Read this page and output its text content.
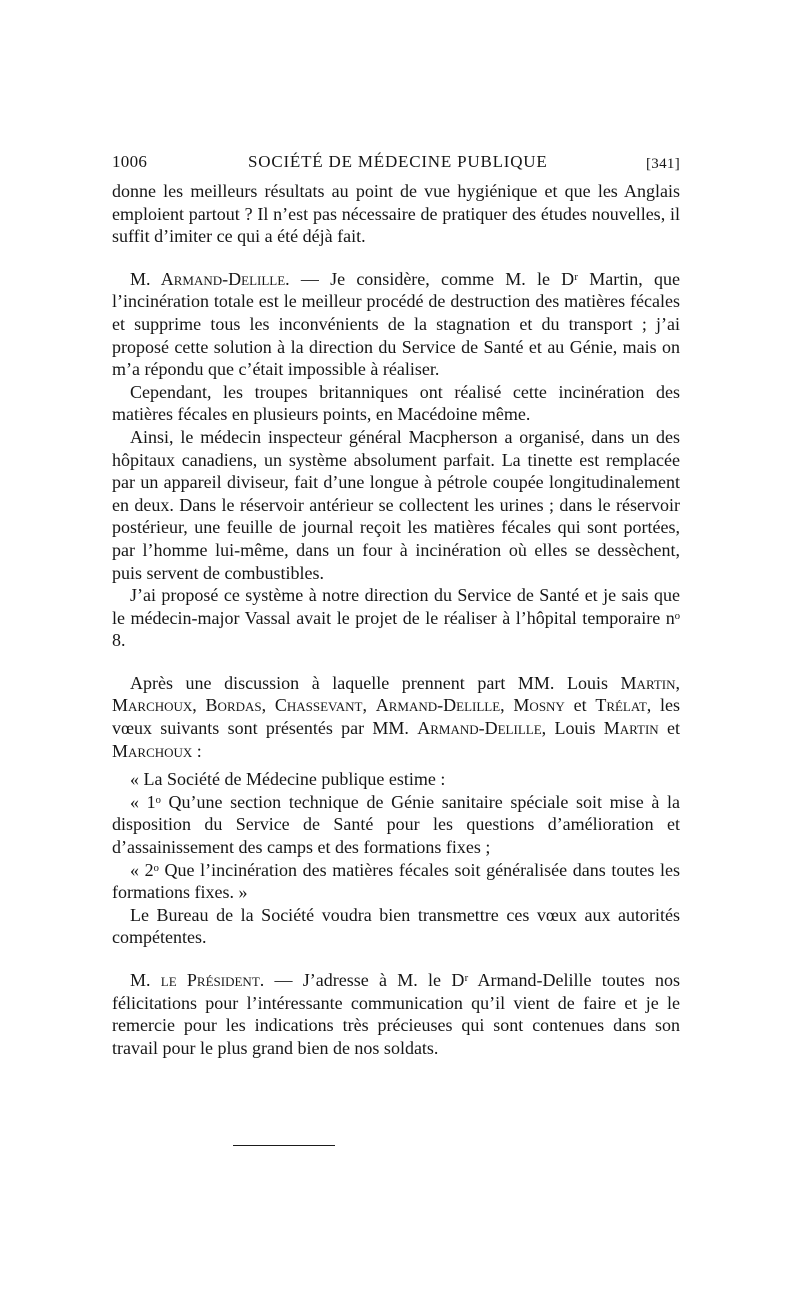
1006	SOCIÉTÉ DE MÉDECINE PUBLIQUE	[341]

donne les meilleurs résultats au point de vue hygiénique et que les Anglais emploient partout ? Il n’est pas nécessaire de pratiquer des études nouvelles, il suffit d’imiter ce qui a été déjà fait.

M. Armand-Delille. — Je considère, comme M. le Dʳ Martin, que l’incinération totale est le meilleur procédé de destruction des matières fécales et supprime tous les inconvénients de la stagnation et du transport ; j’ai proposé cette solution à la direction du Service de Santé et au Génie, mais on m’a répondu que c’était impossible à réaliser.

Cependant, les troupes britanniques ont réalisé cette incinération des matières fécales en plusieurs points, en Macédoine même.

Ainsi, le médecin inspecteur général Macpherson a organisé, dans un des hôpitaux canadiens, un système absolument parfait. La tinette est remplacée par un appareil diviseur, fait d’une longue à pétrole coupée longitudinalement en deux. Dans le réservoir antérieur se collectent les urines ; dans le réservoir postérieur, une feuille de journal reçoit les matières fécales qui sont portées, par l’homme lui-même, dans un four à incinération où elles se dessèchent, puis servent de combustibles.

J’ai proposé ce système à notre direction du Service de Santé et je sais que le médecin-major Vassal avait le projet de le réaliser à l’hôpital temporaire nᵒ 8.

Après une discussion à laquelle prennent part MM. Louis Martin, Marchoux, Bordas, Chassevant, Armand-Delille, Mosny et Trélat, les vœux suivants sont présentés par MM. Armand-Delille, Louis Martin et Marchoux :

« La Société de Médecine publique estime :

« 1ᵒ Qu’une section technique de Génie sanitaire spéciale soit mise à la disposition du Service de Santé pour les questions d’amélioration et d’assainissement des camps et des formations fixes ;

« 2ᵒ Que l’incinération des matières fécales soit généralisée dans toutes les formations fixes. »

Le Bureau de la Société voudra bien transmettre ces vœux aux autorités compétentes.

M. le Président. — J’adresse à M. le Dʳ Armand-Delille toutes nos félicitations pour l’intéressante communication qu’il vient de faire et je le remercie pour les indications très précieuses qui sont contenues dans son travail pour le plus grand bien de nos soldats.
